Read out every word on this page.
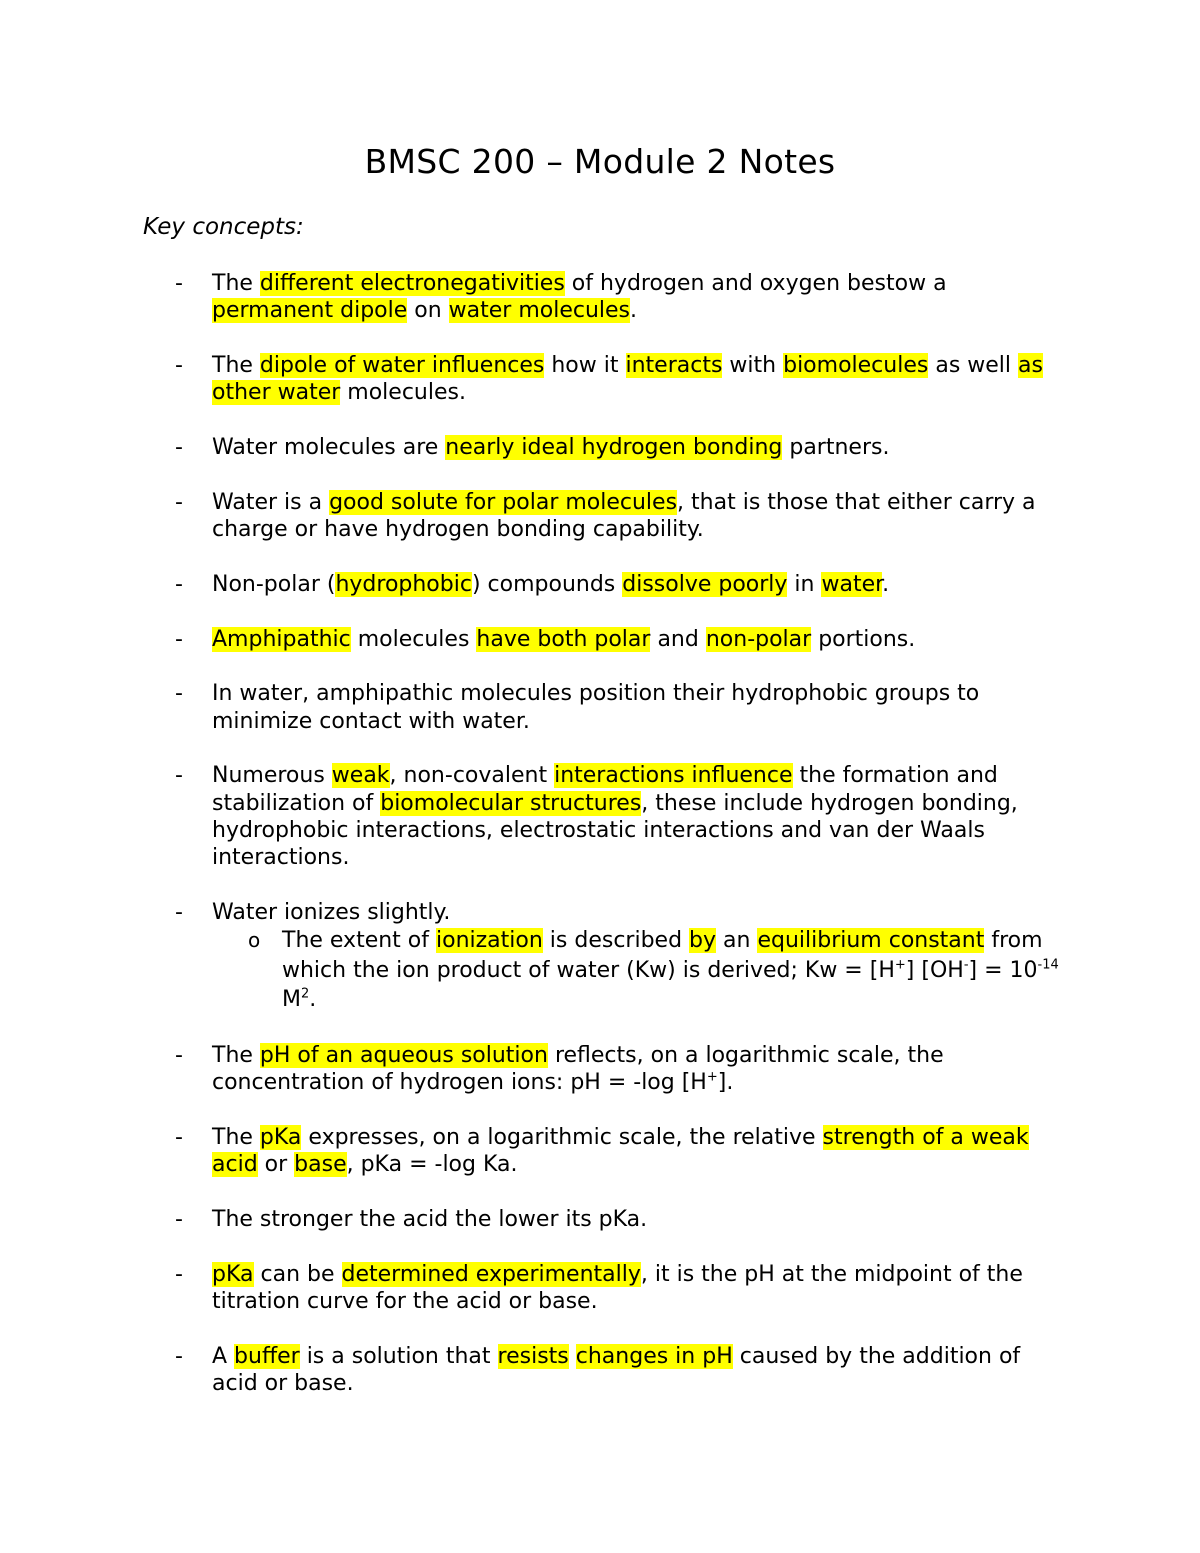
BMSC 200 – Module 2 Notes
Key concepts:
- The different electronegativities of hydrogen and oxygen bestow a permanent dipole on water molecules.
- The dipole of water influences how it interacts with biomolecules as well as other water molecules.
- Water molecules are nearly ideal hydrogen bonding partners.
- Water is a good solute for polar molecules, that is those that either carry a charge or have hydrogen bonding capability.
- Non-polar (hydrophobic) compounds dissolve poorly in water.
- Amphipathic molecules have both polar and non-polar portions.
- In water, amphipathic molecules position their hydrophobic groups to minimize contact with water.
- Numerous weak, non-covalent interactions influence the formation and stabilization of biomolecular structures, these include hydrogen bonding, hydrophobic interactions, electrostatic interactions and van der Waals interactions.
- Water ionizes slightly.
o The extent of ionization is described by an equilibrium constant from which the ion product of water (Kw) is derived; Kw = [H+] $[OH^-] = 10^{-14}$ $M^2$.
- The pH of an aqueous solution reflects, on a logarithmic scale, the concentration of hydrogen ions: pH = -log [H+].
- The pKa expresses, on a logarithmic scale, the relative strength of a weak acid or base, pKa = -log Ka.
- The stronger the acid the lower its pKa.
- pKa can be determined experimentally, it is the pH at the midpoint of the titration curve for the acid or base.
- A buffer is a solution that resists changes in pH caused by the addition of acid or base.
